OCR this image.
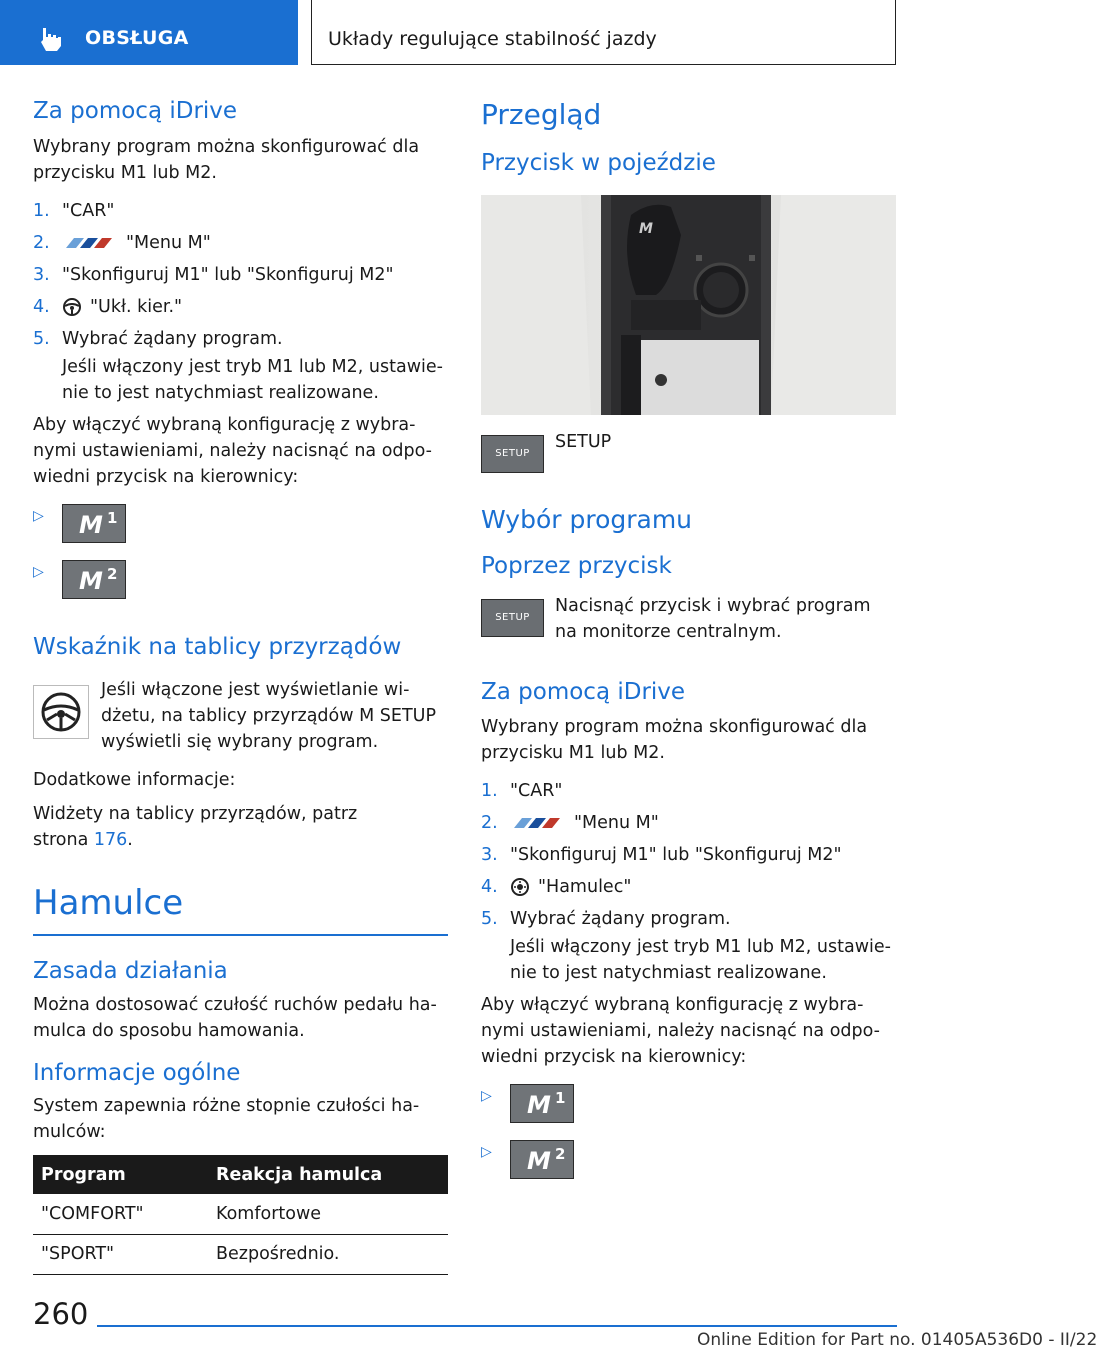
OBSŁUGA	Układy regulujące stabilność jazdy
Za pomocą iDrive
Wybrany program można skonfigurować dla przycisku M1 lub M2.
1. "CAR"
2.	"Menu M"
3. "Skonfiguruj M1" lub "Skonfiguruj M2"
4. "Ukł. kier."
5. Wybrać żądany program.
Jeśli włączony jest tryb M1 lub M2, ustawie-nie to jest natychmiast realizowane.
Aby włączyć wybraną konfigurację z wybra-nymi ustawieniami, należy nacisnąć na odpo-wiedni przycisk na kierownicy:
▷ M 1
▷ M 2
Wskaźnik na tablicy przyrządów
Jeśli włączone jest wyświetlanie wi-dżetu, na tablicy przyrządów M SETUP wyświetli się wybrany program.
Dodatkowe informacje:
Widżety na tablicy przyrządów, patrz strona 176.
Hamulce
Zasada działania
Można dostosować czułość ruchów pedału ha-mulca do sposobu hamowania.
Informacje ogólne
System zapewnia różne stopnie czułości ha-mulców:
Program	Reakcja hamulca
"COMFORT"	Komfortowe
"SPORT"	Bezpośrednio.
Przegląd
Przycisk w pojeździe
M
SETUP
SETUP
Wybór programu
Poprzez przycisk
SETUP
Nacisnąć przycisk i wybrać program na monitorze centralnym.
Za pomocą iDrive
Wybrany program można skonfigurować dla przycisku M1 lub M2.
1. "CAR"
2.	"Menu M"
3. "Skonfiguruj M1" lub "Skonfiguruj M2"
4. "Hamulec"
5. Wybrać żądany program.
Jeśli włączony jest tryb M1 lub M2, ustawie-nie to jest natychmiast realizowane.
Aby włączyć wybraną konfigurację z wybra-nymi ustawieniami, należy nacisnąć na odpo-wiedni przycisk na kierownicy:
▷ M 1
▷ M 2
260
Online Edition for Part no. 01405A536D0 - II/22
